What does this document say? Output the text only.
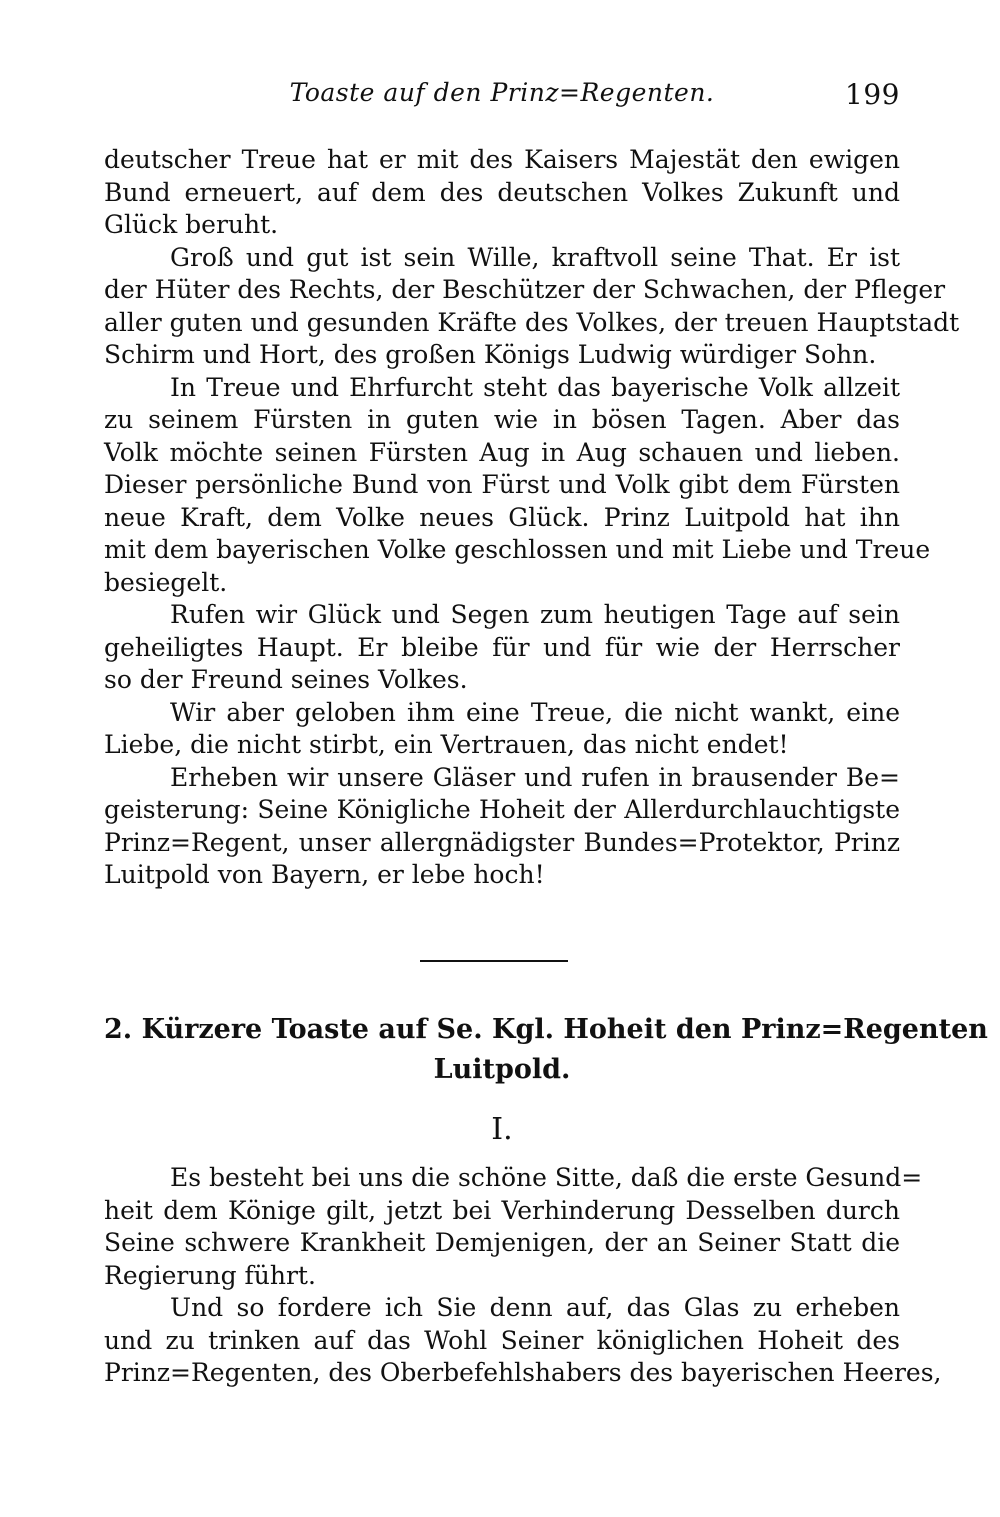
Toaste auf den Prinz=Regenten.	199
deutscher Treue hat er mit des Kaisers Majestät den ewigen
Bund erneuert, auf dem des deutschen Volkes Zukunft und
Glück beruht.
Groß und gut ist sein Wille, kraftvoll seine That. Er ist
der Hüter des Rechts, der Beschützer der Schwachen, der Pfleger
aller guten und gesunden Kräfte des Volkes, der treuen Hauptstadt
Schirm und Hort, des großen Königs Ludwig würdiger Sohn.
In Treue und Ehrfurcht steht das bayerische Volk allzeit
zu seinem Fürsten in guten wie in bösen Tagen. Aber das
Volk möchte seinen Fürsten Aug in Aug schauen und lieben.
Dieser persönliche Bund von Fürst und Volk gibt dem Fürsten
neue Kraft, dem Volke neues Glück. Prinz Luitpold hat ihn
mit dem bayerischen Volke geschlossen und mit Liebe und Treue
besiegelt.
Rufen wir Glück und Segen zum heutigen Tage auf sein
geheiligtes Haupt. Er bleibe für und für wie der Herrscher
so der Freund seines Volkes.
Wir aber geloben ihm eine Treue, die nicht wankt, eine
Liebe, die nicht stirbt, ein Vertrauen, das nicht endet!
Erheben wir unsere Gläser und rufen in brausender Be=
geisterung: Seine Königliche Hoheit der Allerdurchlauchtigste
Prinz=Regent, unser allergnädigster Bundes=Protektor, Prinz
Luitpold von Bayern, er lebe hoch!
2. Kürzere Toaste auf Se. Kgl. Hoheit den Prinz=Regenten
Luitpold.
I.
Es besteht bei uns die schöne Sitte, daß die erste Gesund=
heit dem Könige gilt, jetzt bei Verhinderung Desselben durch
Seine schwere Krankheit Demjenigen, der an Seiner Statt die
Regierung führt.
Und so fordere ich Sie denn auf, das Glas zu erheben
und zu trinken auf das Wohl Seiner königlichen Hoheit des
Prinz=Regenten, des Oberbefehlshabers des bayerischen Heeres,
